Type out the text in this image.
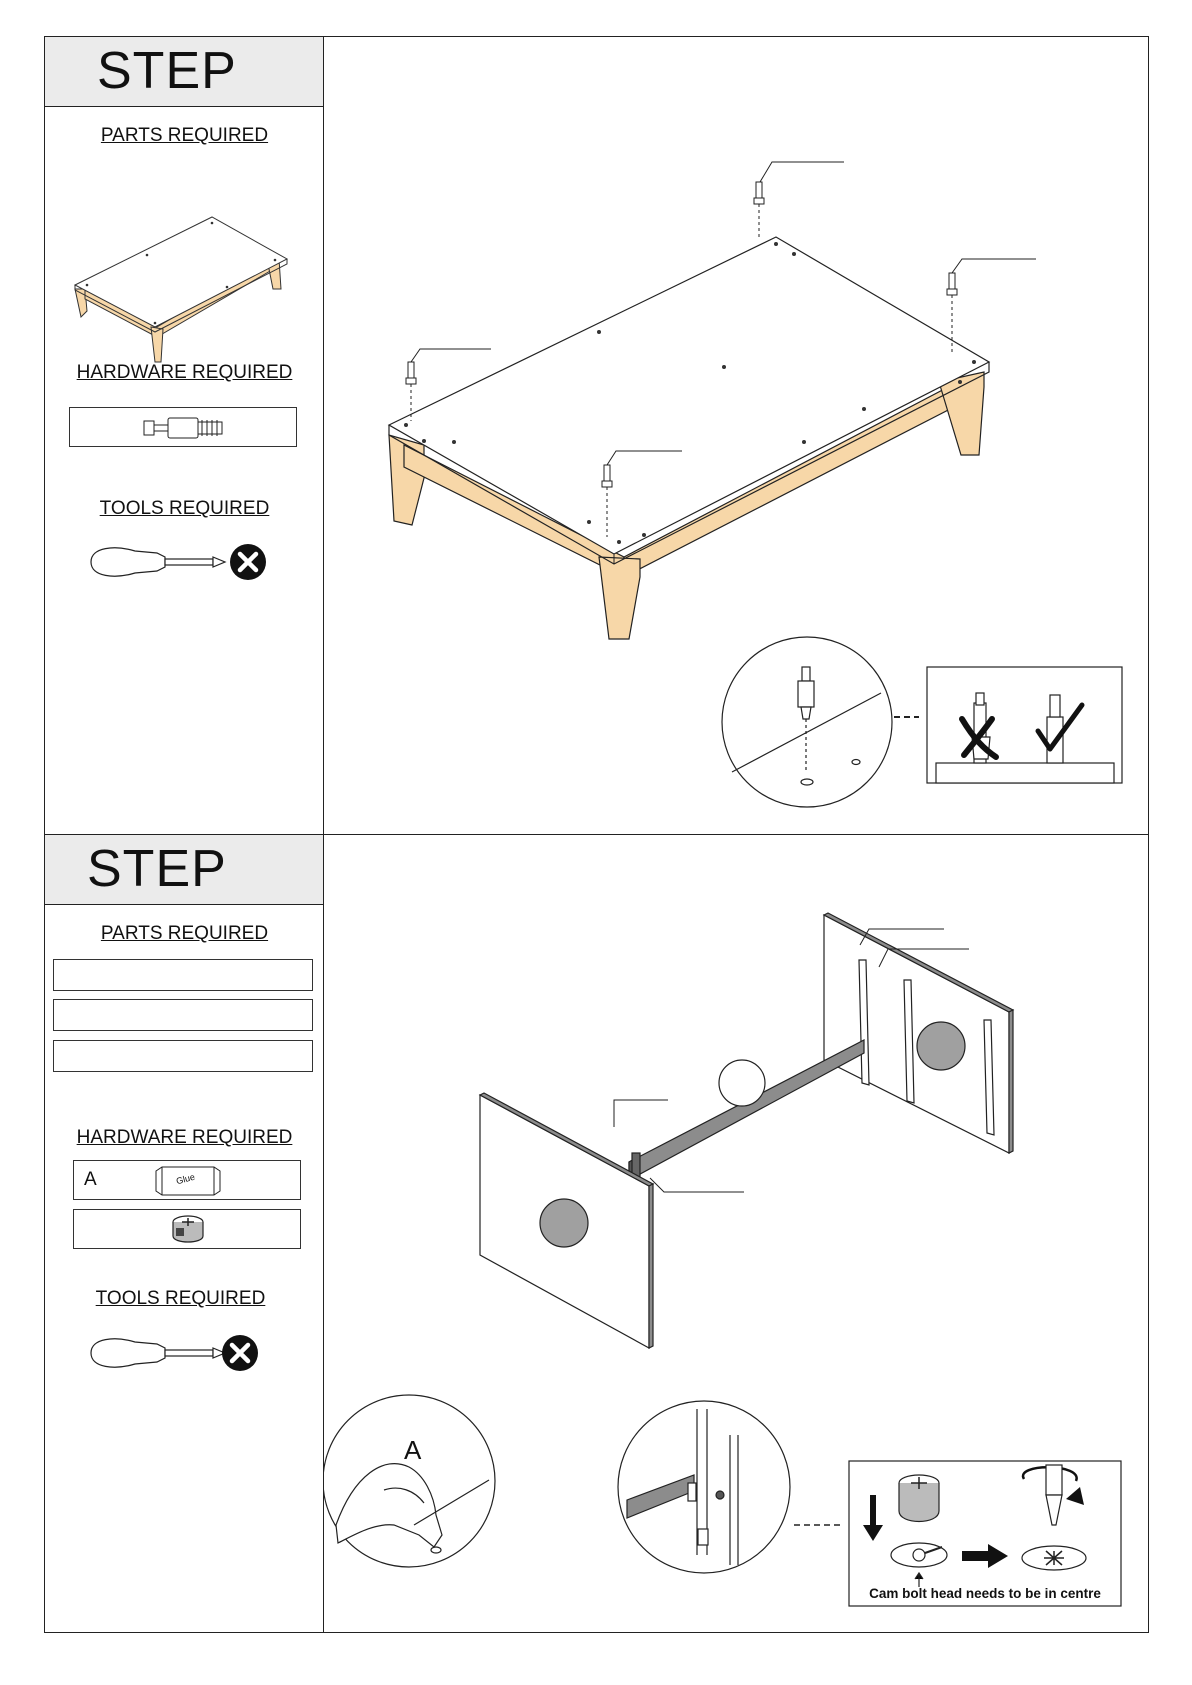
STEP
PARTS REQUIRED
HARDWARE REQUIRED
TOOLS REQUIRED
STEP
PARTS REQUIRED
HARDWARE REQUIRED
A	Glue
TOOLS REQUIRED
A
Cam bolt head needs to be in centre
